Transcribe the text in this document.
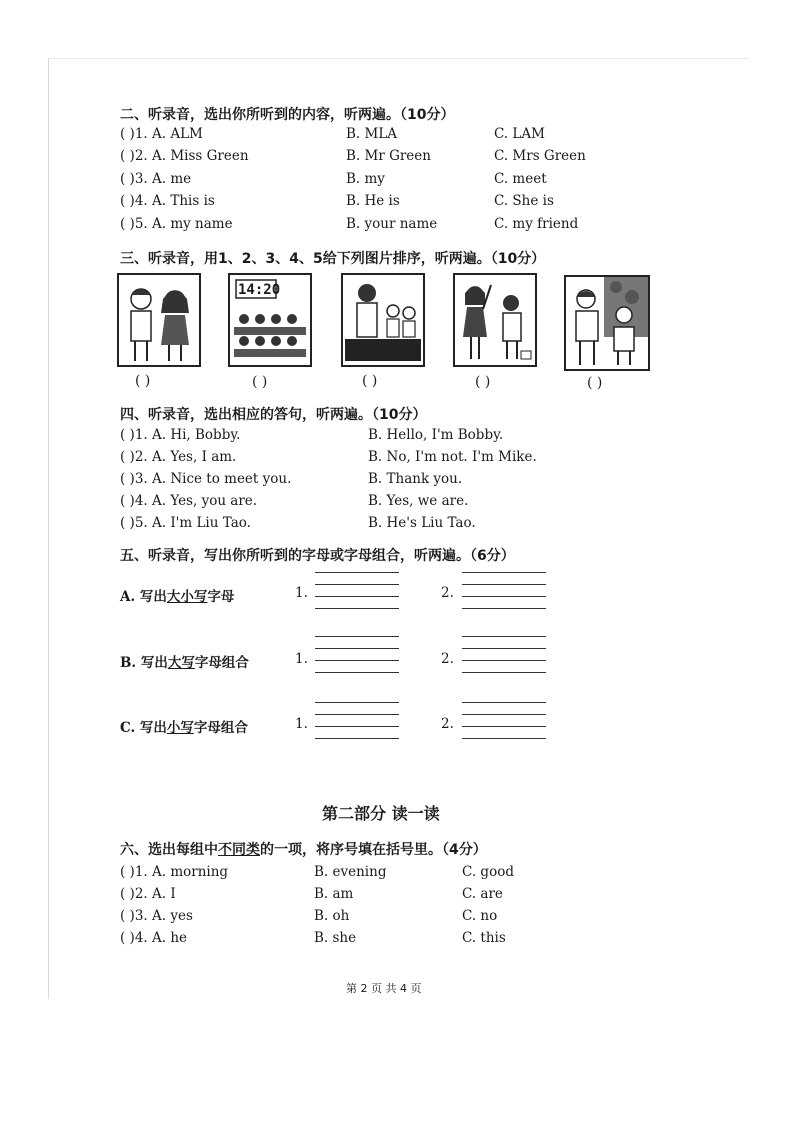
二、听录音，选出你所听到的内容，听两遍。（10分）
( )1. A. ALM	B. MLA	C. LAM
( )2. A. Miss Green	B. Mr Green	C. Mrs Green
( )3. A. me	B. my	C. meet
( )4. A. This is	B. He is	C. She is
( )5. A. my name	B. your name	C. my friend
三、听录音，用1、2、3、4、5给下列图片排序，听两遍。（10分）
14:20
( )	( )	( )	( )	( )
四、听录音，选出相应的答句，听两遍。（10分）
( )1. A. Hi, Bobby.	B. Hello, I'm Bobby.
( )2. A. Yes, I am.	B. No, I'm not. I'm Mike.
( )3. A. Nice to meet you.	B. Thank you.
( )4. A. Yes, you are.	B. Yes, we are.
( )5. A. I'm Liu Tao.	B. He's Liu Tao.
五、听录音，写出你所听到的字母或字母组合，听两遍。（6分）
A. 写出大小写字母	1.	2.
B. 写出大写字母组合	1.	2.
C. 写出小写字母组合	1.	2.
第二部分 读一读
六、选出每组中不同类的一项，将序号填在括号里。（4分）
( )1. A. morning	B. evening	C. good
( )2. A. I	B. am	C. are
( )3. A. yes	B. oh	C. no
( )4. A. he	B. she	C. this
第 2 页 共 4 页
